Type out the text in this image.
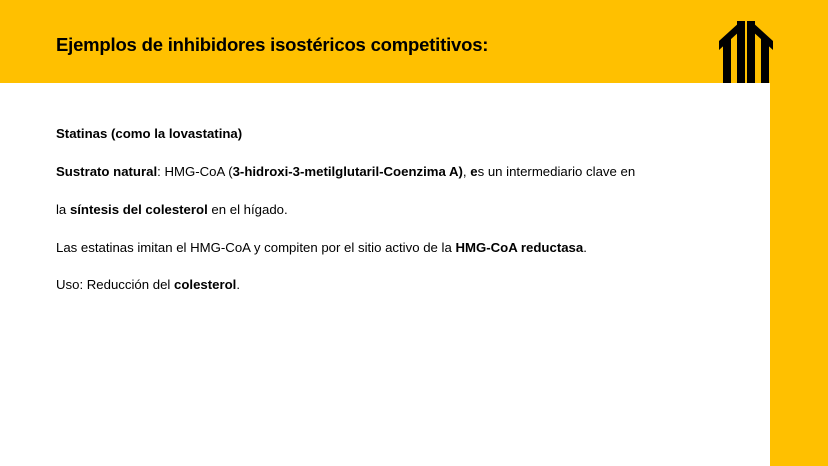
Ejemplos de inhibidores isostéricos competitivos:

Statinas (como la lovastatina)

Sustrato natural: HMG-CoA (3-hidroxi-3-metilglutaril-Coenzima A), es un intermediario clave en

la síntesis del colesterol en el hígado.

Las estatinas imitan el HMG-CoA y compiten por el sitio activo de la HMG-CoA reductasa.

Uso: Reducción del colesterol.
